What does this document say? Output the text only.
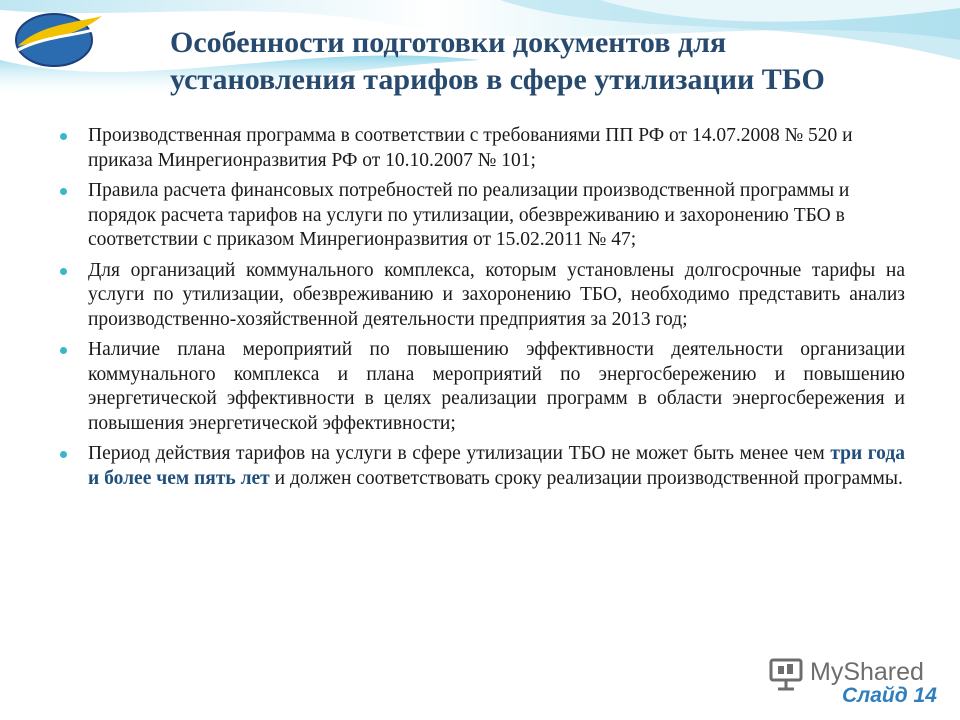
Особенности подготовки документов для
установления тарифов в сфере утилизации ТБО
Производственная программа в соответствии с требованиями ПП РФ от 14.07.2008 № 520 и приказа Минрегионразвития РФ от 10.10.2007 № 101;
Правила расчета финансовых потребностей по реализации производственной программы и порядок расчета тарифов на услуги по утилизации, обезвреживанию и захоронению ТБО в соответствии с приказом Минрегионразвития от 15.02.2011 № 47;
Для организаций коммунального комплекса, которым установлены долгосрочные тарифы на услуги по утилизации, обезвреживанию и захоронению ТБО, необходимо представить анализ производственно-хозяйственной деятельности предприятия за 2013 год;
Наличие плана мероприятий по повышению эффективности деятельности организации коммунального комплекса и плана мероприятий по энергосбережению и повышению энергетической эффективности в целях реализации программ в области энергосбережения и повышения энергетической эффективности;
Период действия тарифов на услуги в сфере утилизации ТБО не может быть менее чем три года и более чем пять лет и должен соответствовать сроку реализации производственной программы.
MyShared
Слайд 14
